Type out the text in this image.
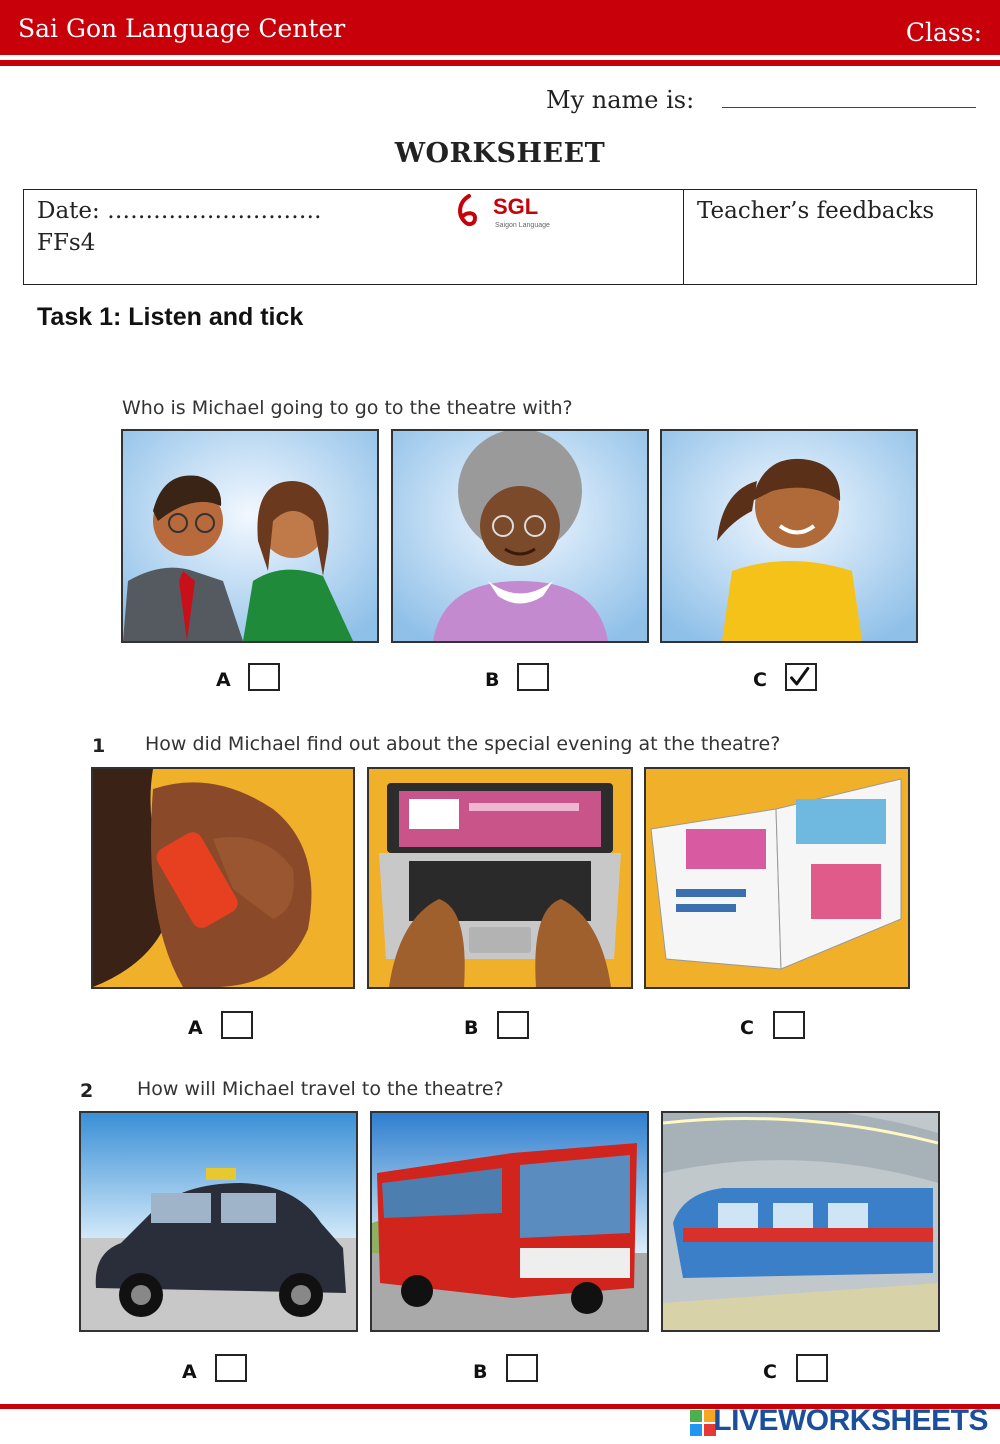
Sai Gon Language Center	Class:
My name is:
WORKSHEET
Date: ……………………….
FFs4
Teacher’s feedbacks
SGL
Saigon Language
Task 1: Listen and tick
Who is Michael going to go to the theatre with?
A	B	C
1 How did Michael find out about the special evening at the theatre?
A	B	C
2 How will Michael travel to the theatre?
A	B	C
LIVEWORKSHEETS
